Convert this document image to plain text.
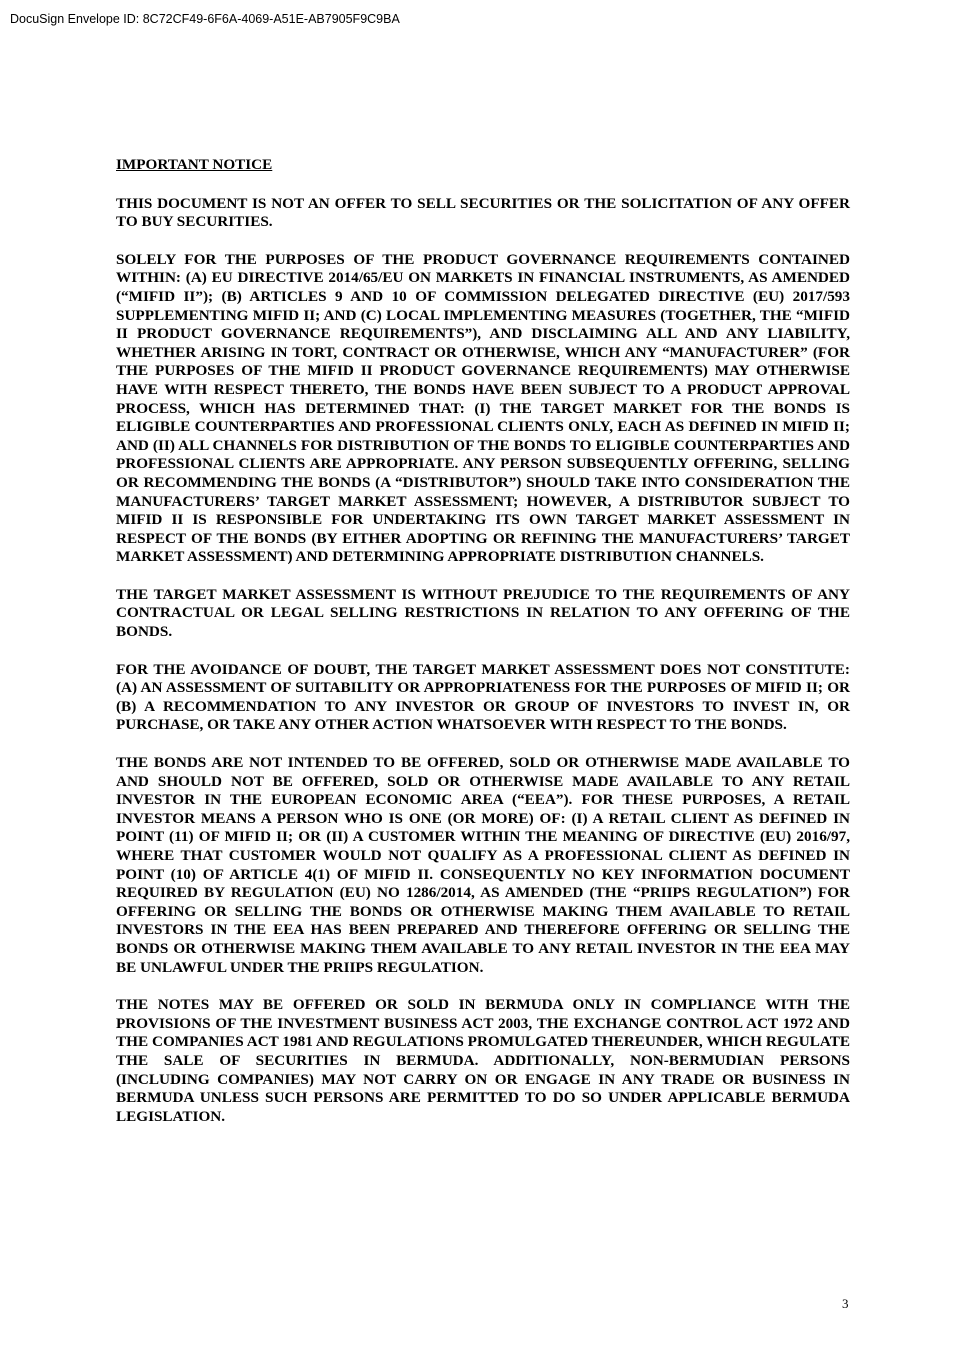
DocuSign Envelope ID: 8C72CF49-6F6A-4069-A51E-AB7905F9C9BA
IMPORTANT NOTICE
THIS DOCUMENT IS NOT AN OFFER TO SELL SECURITIES OR THE SOLICITATION OF ANY OFFER TO BUY SECURITIES.
SOLELY FOR THE PURPOSES OF THE PRODUCT GOVERNANCE REQUIREMENTS CONTAINED WITHIN: (A) EU DIRECTIVE 2014/65/EU ON MARKETS IN FINANCIAL INSTRUMENTS, AS AMENDED (“MIFID II”); (B) ARTICLES 9 AND 10 OF COMMISSION DELEGATED DIRECTIVE (EU) 2017/593 SUPPLEMENTING MIFID II; AND (C) LOCAL IMPLEMENTING MEASURES (TOGETHER, THE “MIFID II PRODUCT GOVERNANCE REQUIREMENTS”), AND DISCLAIMING ALL AND ANY LIABILITY, WHETHER ARISING IN TORT, CONTRACT OR OTHERWISE, WHICH ANY “MANUFACTURER” (FOR THE PURPOSES OF THE MIFID II PRODUCT GOVERNANCE REQUIREMENTS) MAY OTHERWISE HAVE WITH RESPECT THERETO, THE BONDS HAVE BEEN SUBJECT TO A PRODUCT APPROVAL PROCESS, WHICH HAS DETERMINED THAT: (I) THE TARGET MARKET FOR THE BONDS IS ELIGIBLE COUNTERPARTIES AND PROFESSIONAL CLIENTS ONLY, EACH AS DEFINED IN MIFID II; AND (II) ALL CHANNELS FOR DISTRIBUTION OF THE BONDS TO ELIGIBLE COUNTERPARTIES AND PROFESSIONAL CLIENTS ARE APPROPRIATE. ANY PERSON SUBSEQUENTLY OFFERING, SELLING OR RECOMMENDING THE BONDS (A “DISTRIBUTOR”) SHOULD TAKE INTO CONSIDERATION THE MANUFACTURERS’ TARGET MARKET ASSESSMENT; HOWEVER, A DISTRIBUTOR SUBJECT TO MIFID II IS RESPONSIBLE FOR UNDERTAKING ITS OWN TARGET MARKET ASSESSMENT IN RESPECT OF THE BONDS (BY EITHER ADOPTING OR REFINING THE MANUFACTURERS’ TARGET MARKET ASSESSMENT) AND DETERMINING APPROPRIATE DISTRIBUTION CHANNELS.
THE TARGET MARKET ASSESSMENT IS WITHOUT PREJUDICE TO THE REQUIREMENTS OF ANY CONTRACTUAL OR LEGAL SELLING RESTRICTIONS IN RELATION TO ANY OFFERING OF THE BONDS.
FOR THE AVOIDANCE OF DOUBT, THE TARGET MARKET ASSESSMENT DOES NOT CONSTITUTE: (A) AN ASSESSMENT OF SUITABILITY OR APPROPRIATENESS FOR THE PURPOSES OF MIFID II; OR (B) A RECOMMENDATION TO ANY INVESTOR OR GROUP OF INVESTORS TO INVEST IN, OR PURCHASE, OR TAKE ANY OTHER ACTION WHATSOEVER WITH RESPECT TO THE BONDS.
THE BONDS ARE NOT INTENDED TO BE OFFERED, SOLD OR OTHERWISE MADE AVAILABLE TO AND SHOULD NOT BE OFFERED, SOLD OR OTHERWISE MADE AVAILABLE TO ANY RETAIL INVESTOR IN THE EUROPEAN ECONOMIC AREA (“EEA”). FOR THESE PURPOSES, A RETAIL INVESTOR MEANS A PERSON WHO IS ONE (OR MORE) OF: (I) A RETAIL CLIENT AS DEFINED IN POINT (11) OF MIFID II; OR (II) A CUSTOMER WITHIN THE MEANING OF DIRECTIVE (EU) 2016/97, WHERE THAT CUSTOMER WOULD NOT QUALIFY AS A PROFESSIONAL CLIENT AS DEFINED IN POINT (10) OF ARTICLE 4(1) OF MIFID II. CONSEQUENTLY NO KEY INFORMATION DOCUMENT REQUIRED BY REGULATION (EU) NO 1286/2014, AS AMENDED (THE “PRIIPS REGULATION”) FOR OFFERING OR SELLING THE BONDS OR OTHERWISE MAKING THEM AVAILABLE TO RETAIL INVESTORS IN THE EEA HAS BEEN PREPARED AND THEREFORE OFFERING OR SELLING THE BONDS OR OTHERWISE MAKING THEM AVAILABLE TO ANY RETAIL INVESTOR IN THE EEA MAY BE UNLAWFUL UNDER THE PRIIPS REGULATION.
THE NOTES MAY BE OFFERED OR SOLD IN BERMUDA ONLY IN COMPLIANCE WITH THE PROVISIONS OF THE INVESTMENT BUSINESS ACT 2003, THE EXCHANGE CONTROL ACT 1972 AND THE COMPANIES ACT 1981 AND REGULATIONS PROMULGATED THEREUNDER, WHICH REGULATE THE SALE OF SECURITIES IN BERMUDA. ADDITIONALLY, NON-BERMUDIAN PERSONS (INCLUDING COMPANIES) MAY NOT CARRY ON OR ENGAGE IN ANY TRADE OR BUSINESS IN BERMUDA UNLESS SUCH PERSONS ARE PERMITTED TO DO SO UNDER APPLICABLE BERMUDA LEGISLATION.
3
